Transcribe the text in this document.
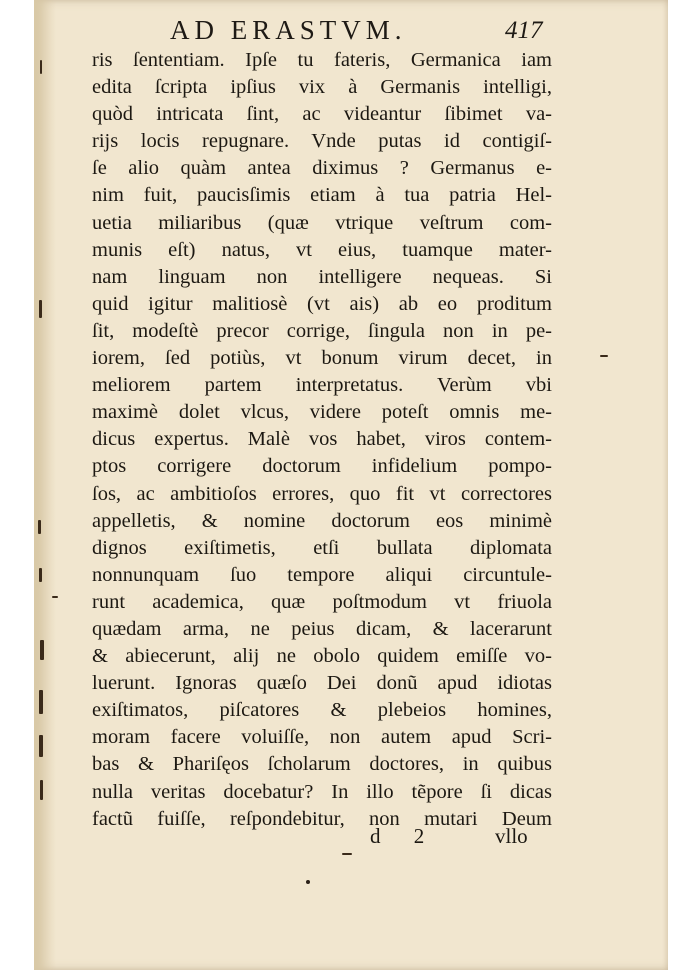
AD ERASTVM.	417
ris ſententiam. Ipſe tu fateris, Germanica iam
edita ſcripta ipſius vix à Germanis intelligi,
quòd intricata ſint, ac videantur ſibimet va-
rijs locis repugnare. Vnde putas id contigiſ-
ſe alio quàm antea diximus ? Germanus e-
nim fuit, paucisſimis etiam à tua patria Hel-
uetia miliaribus (quæ vtrique veſtrum com-
munis eſt) natus, vt eius, tuamque mater-
nam linguam non intelligere nequeas. Si
quid igitur malitiosè (vt ais) ab eo proditum
ſit, modeſtè precor corrige, ſingula non in pe-
iorem, ſed potiùs, vt bonum virum decet, in
meliorem partem interpretatus. Verùm vbi
maximè dolet vlcus, videre poteſt omnis me-
dicus expertus. Malè vos habet, viros contem-
ptos corrigere doctorum infidelium pompo-
ſos, ac ambitioſos errores, quo fit vt correctores
appelletis, & nomine doctorum eos minimè
dignos exiſtimetis, etſi bullata diplomata
nonnunquam ſuo tempore aliqui circuntule-
runt academica, quæ poſtmodum vt friuola
quædam arma, ne peius dicam, & lacerarunt
& abiecerunt, alij ne obolo quidem emiſſe vo-
luerunt. Ignoras quæſo Dei donũ apud idiotas
exiſtimatos, piſcatores & plebeios homines,
moram facere voluiſſe, non autem apud Scri-
bas & Phariſęos ſcholarum doctores, in quibus
nulla veritas docebatur? In illo tẽpore ſi dicas
factũ fuiſſe, reſpondebitur, non mutari Deum
d 2	vllo
